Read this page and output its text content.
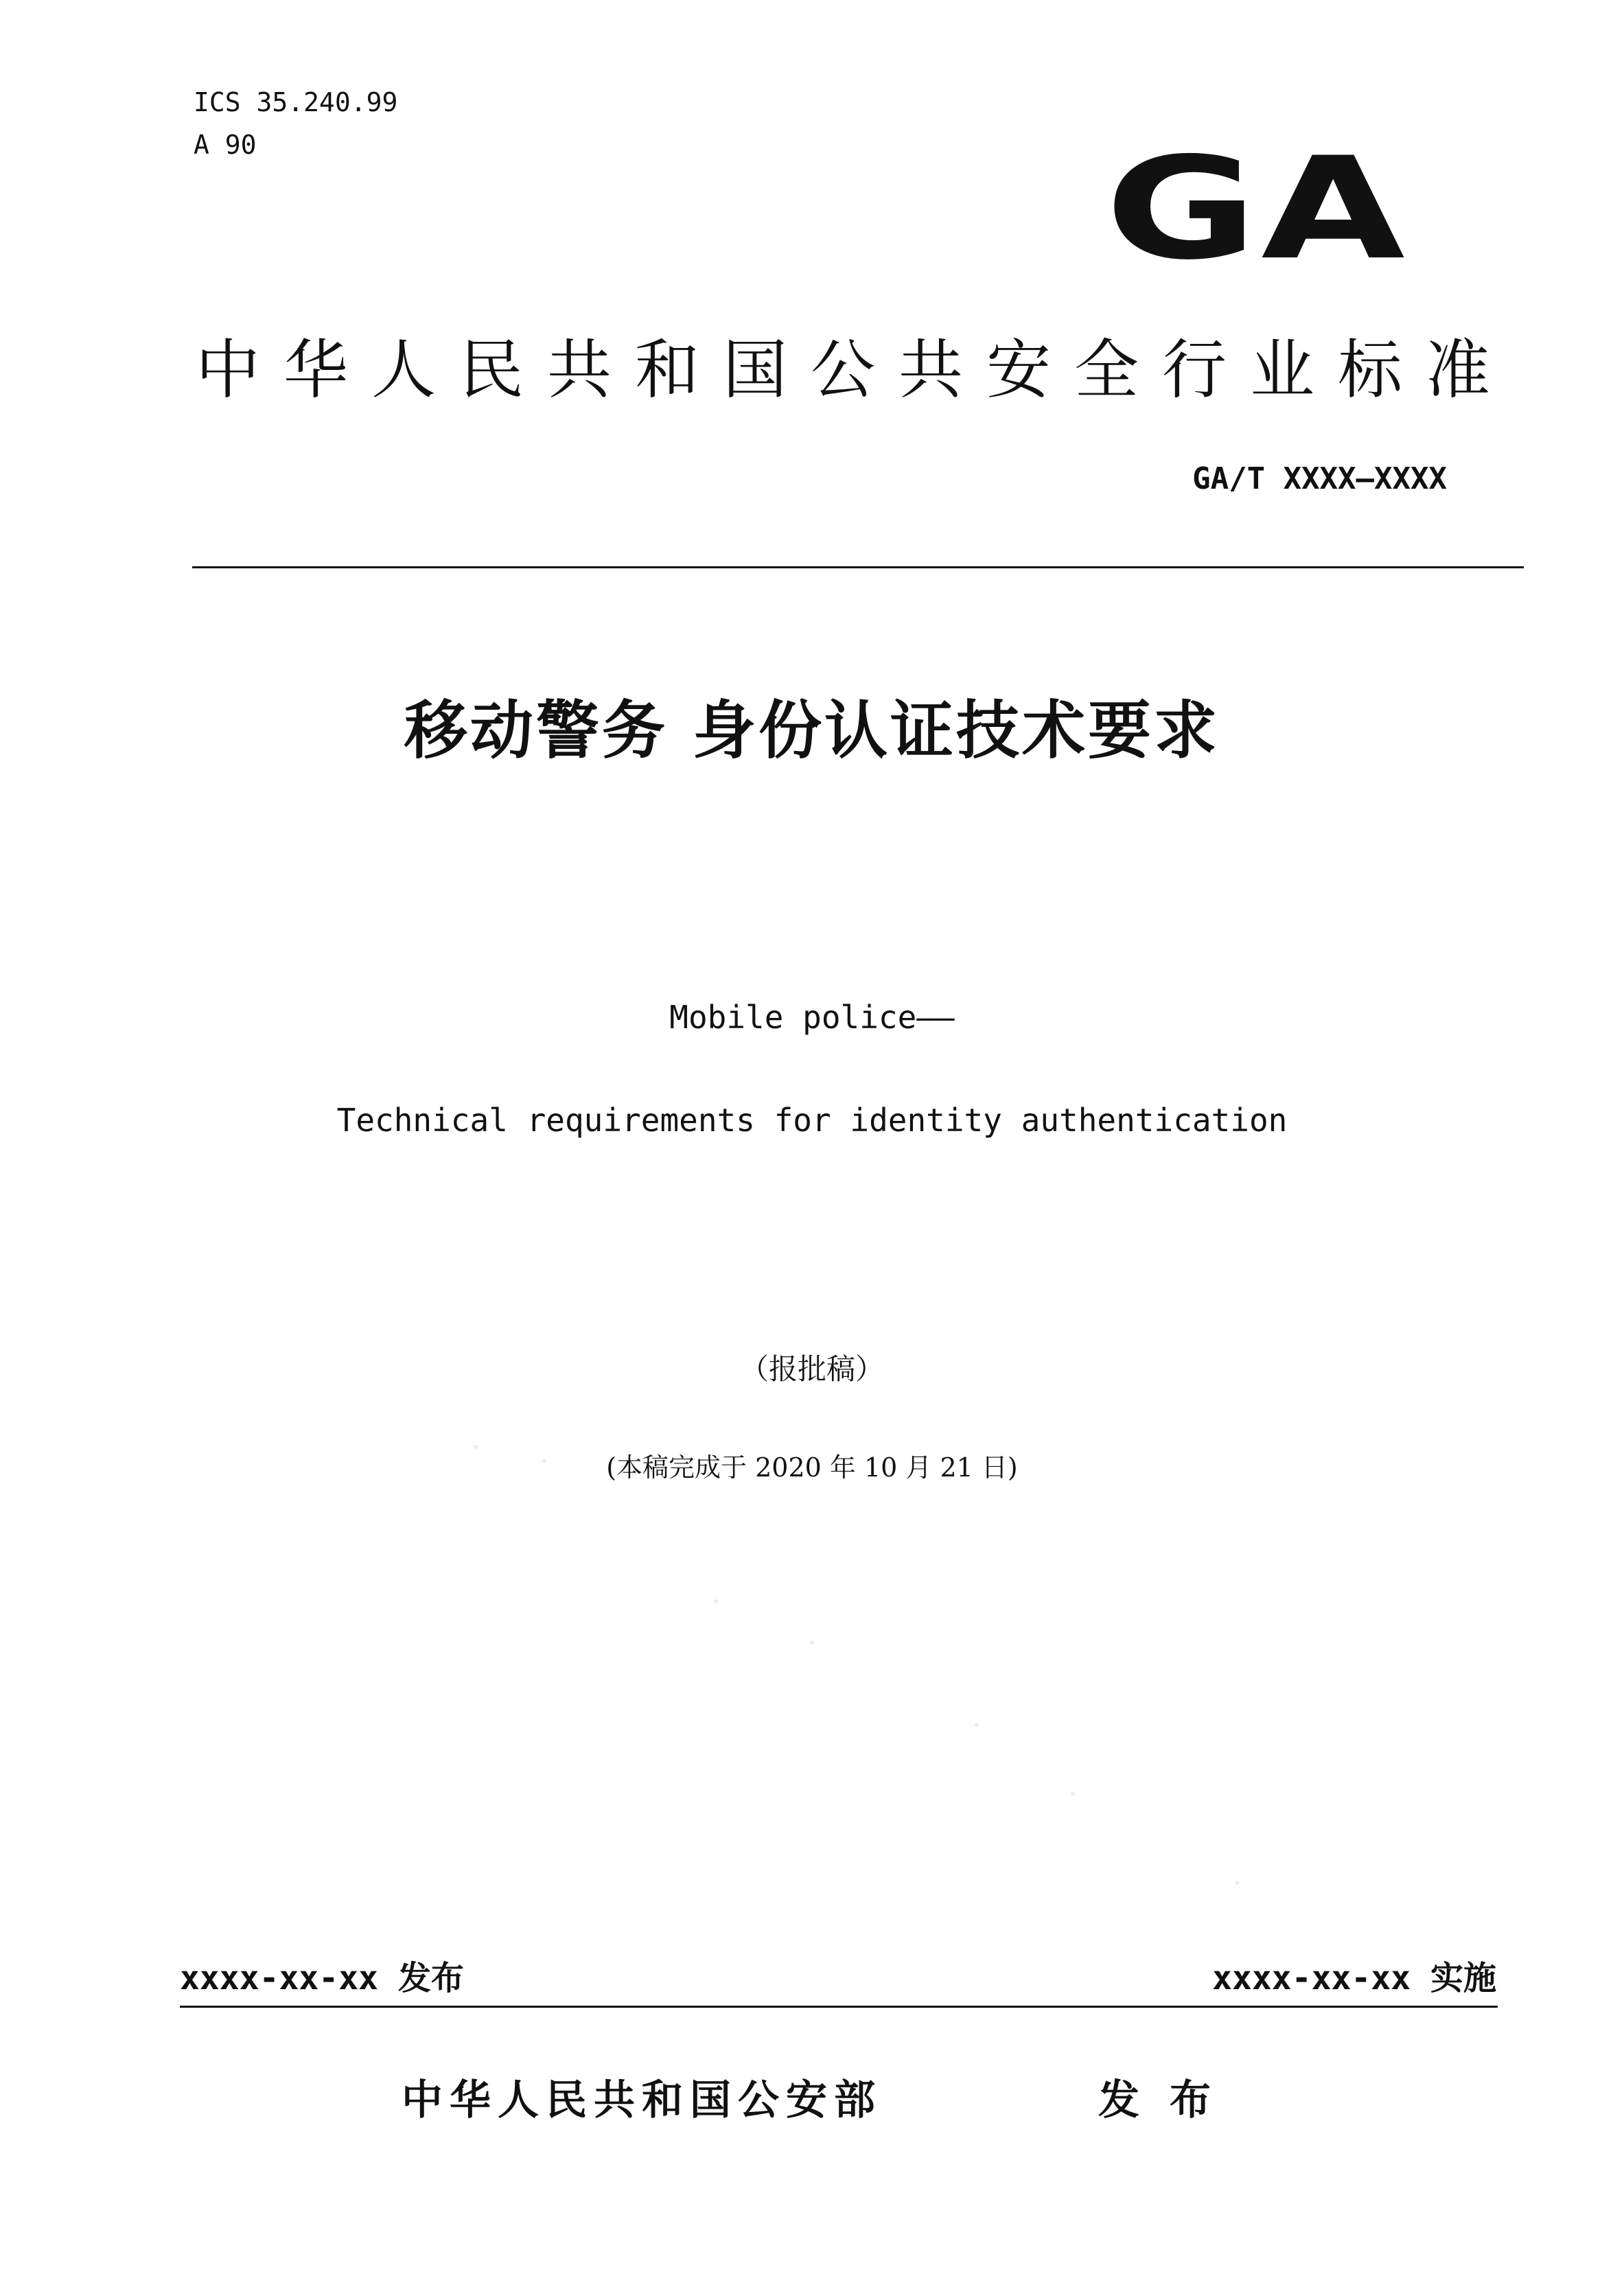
ICS 35.240.99
A 90	GA
中华人民共和国公共安全行业标准
GA/T XXXX—XXXX
移动警务 身份认证技术要求
Mobile police——
Technical requirements for identity authentication
（报批稿）
(本稿完成于 2020 年 10 月 21 日)
xxxx-xx-xx 发布	xxxx-xx-xx 实施
中华人民共和国公安部	发布
